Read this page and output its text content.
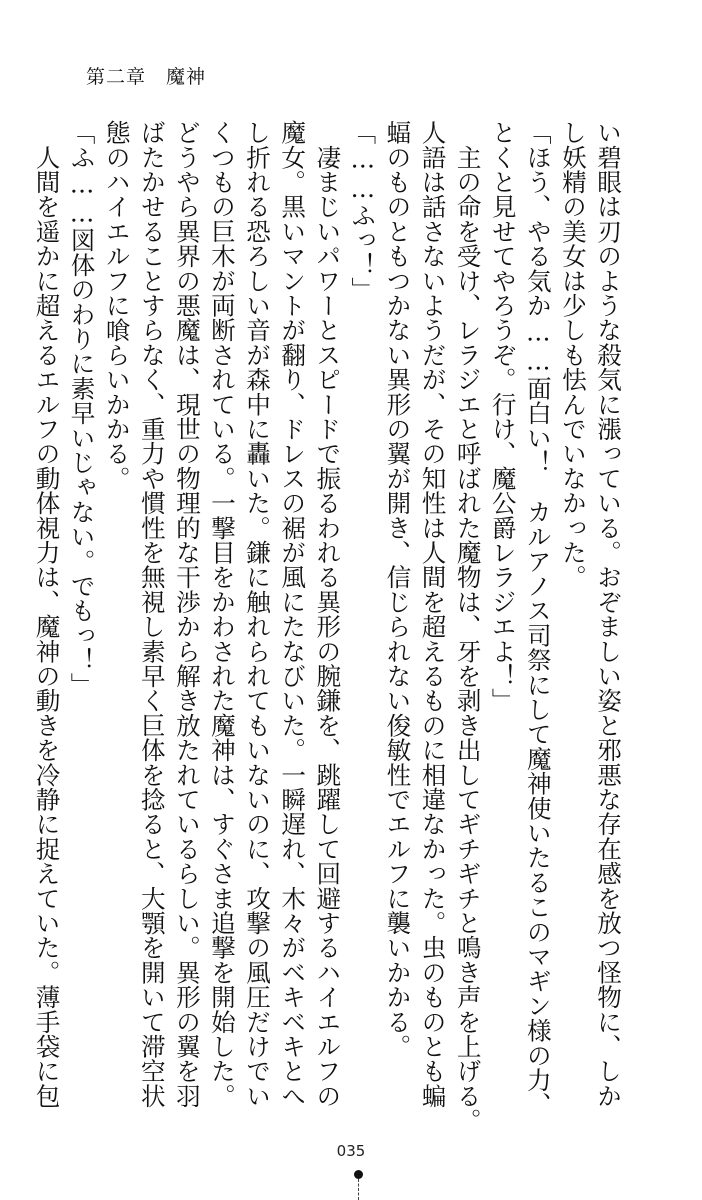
第二章　魔神
い碧眼は刃のような殺気に漲っている。おぞましい姿と邪悪な存在感を放つ怪物に、しか
し妖精の美女は少しも怯んでいなかった。
「ほう、やる気か……面白い！　カルアノス司祭にして魔神使いたるこのマギン様の力、
とくと見せてやろうぞ。行け、魔公爵レラジエよ！」
　主の命を受け、レラジエと呼ばれた魔物は、牙を剥き出してギチギチと鳴き声を上げる。
人語は話さないようだが、その知性は人間を超えるものに相違なかった。虫のものとも蝙
蝠のものともつかない異形の翼が開き、信じられない俊敏性でエルフに襲いかかる。
「……ふっ！」
　凄まじいパワーとスピードで振るわれる異形の腕鎌を、跳躍して回避するハイエルフの
魔女。黒いマントが翻り、ドレスの裾が風にたなびいた。一瞬遅れ、木々がベキベキとへ
し折れる恐ろしい音が森中に轟いた。鎌に触れられてもいないのに、攻撃の風圧だけでい
くつもの巨木が両断されている。一撃目をかわされた魔神は、すぐさま追撃を開始した。
どうやら異界の悪魔は、現世の物理的な干渉から解き放たれているらしい。異形の翼を羽
ばたかせることすらなく、重力や慣性を無視し素早く巨体を捻ると、大顎を開いて滞空状
態のハイエルフに喰らいかかる。
「ふ……図体のわりに素早いじゃない。でもっ！」
　人間を遥かに超えるエルフの動体視力は、魔神の動きを冷静に捉えていた。薄手袋に包
035
